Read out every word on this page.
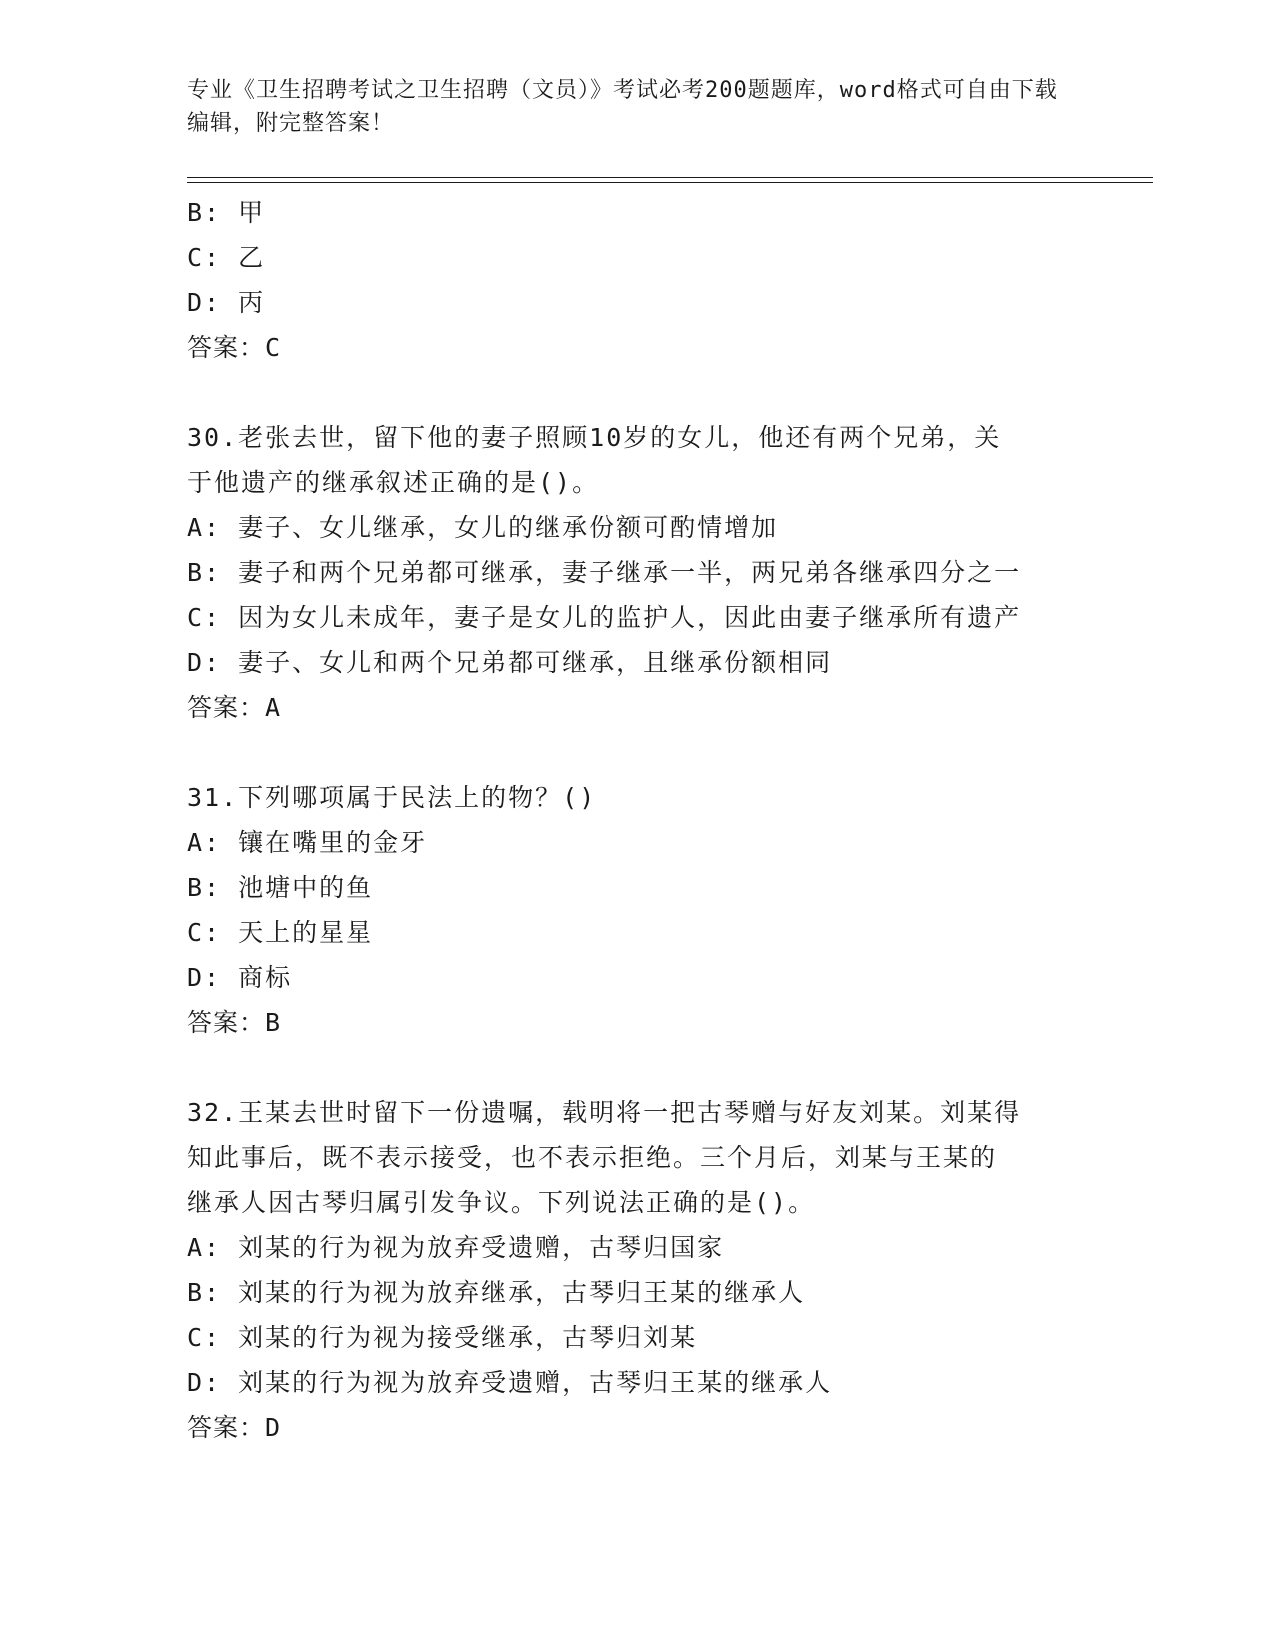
专业《卫生招聘考试之卫生招聘（文员）》考试必考200题题库，word格式可自由下载编辑，附完整答案！
B: 甲
C: 乙
D: 丙
答案：C
30.老张去世，留下他的妻子照顾10岁的女儿，他还有两个兄弟，关
于他遗产的继承叙述正确的是()。
A: 妻子、女儿继承，女儿的继承份额可酌情增加
B: 妻子和两个兄弟都可继承，妻子继承一半，两兄弟各继承四分之一
C: 因为女儿未成年，妻子是女儿的监护人，因此由妻子继承所有遗产
D: 妻子、女儿和两个兄弟都可继承，且继承份额相同
答案：A
31.下列哪项属于民法上的物？()
A: 镶在嘴里的金牙
B: 池塘中的鱼
C: 天上的星星
D: 商标
答案：B
32.王某去世时留下一份遗嘱，载明将一把古琴赠与好友刘某。刘某得
知此事后，既不表示接受，也不表示拒绝。三个月后，刘某与王某的
继承人因古琴归属引发争议。下列说法正确的是()。
A: 刘某的行为视为放弃受遗赠，古琴归国家
B: 刘某的行为视为放弃继承，古琴归王某的继承人
C: 刘某的行为视为接受继承，古琴归刘某
D: 刘某的行为视为放弃受遗赠，古琴归王某的继承人
答案：D
